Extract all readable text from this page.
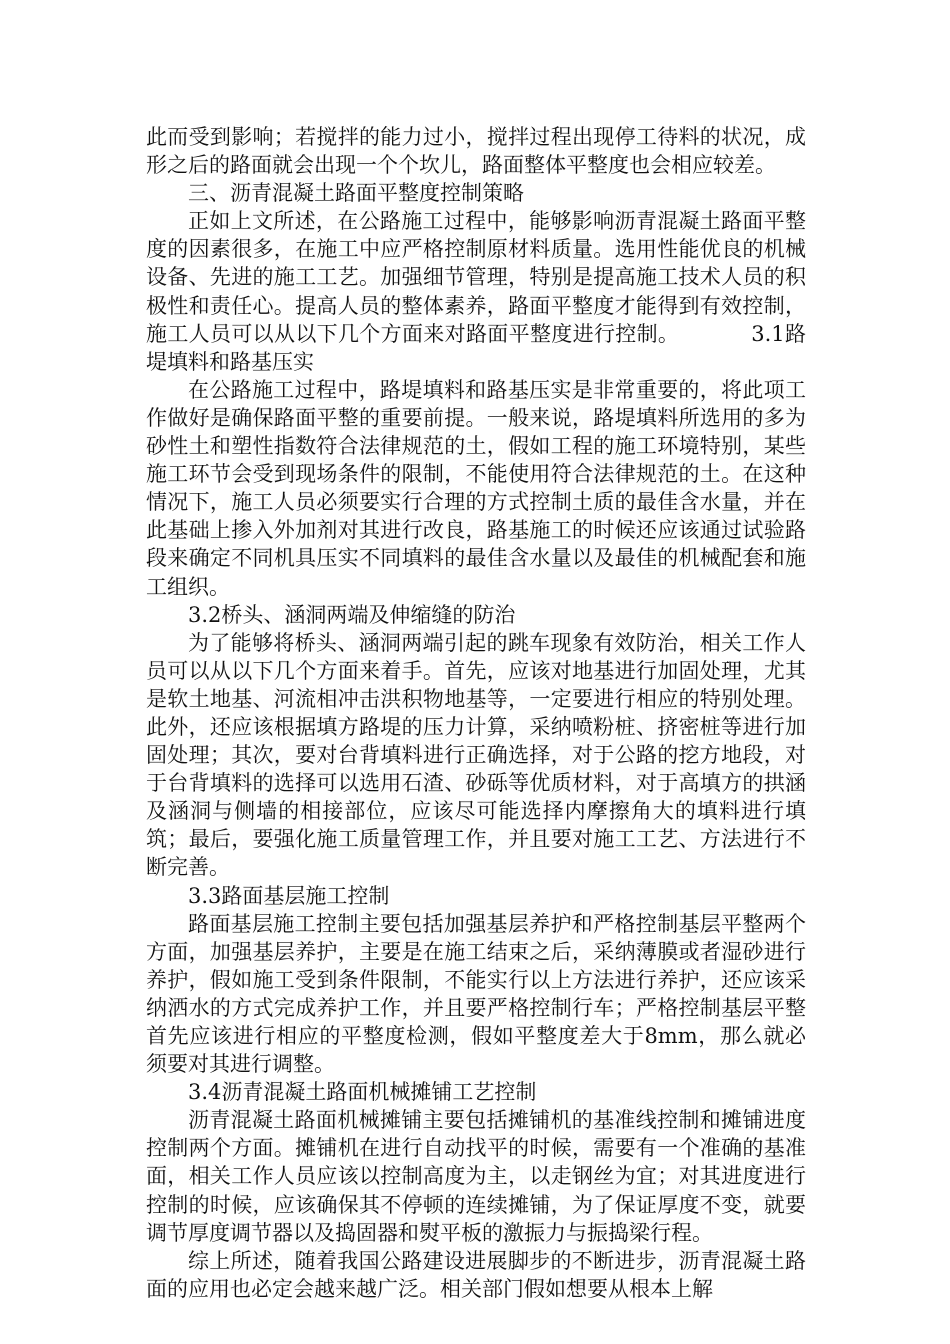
此而受到影响；若搅拌的能力过小，搅拌过程出现停工待料的状况，成形之后的路面就会出现一个个坎儿，路面整体平整度也会相应较差。

三、沥青混凝土路面平整度控制策略

正如上文所述，在公路施工过程中，能够影响沥青混凝土路面平整度的因素很多，在施工中应严格控制原材料质量。选用性能优良的机械设备、先进的施工工艺。加强细节管理，特别是提高施工技术人员的积极性和责任心。提高人员的整体素养，路面平整度才能得到有效控制，施工人员可以从以下几个方面来对路面平整度进行控制。	3.1路堤填料和路基压实

在公路施工过程中，路堤填料和路基压实是非常重要的，将此项工作做好是确保路面平整的重要前提。一般来说，路堤填料所选用的多为砂性土和塑性指数符合法律规范的土，假如工程的施工环境特别，某些施工环节会受到现场条件的限制，不能使用符合法律规范的土。在这种情况下，施工人员必须要实行合理的方式控制土质的最佳含水量，并在此基础上掺入外加剂对其进行改良，路基施工的时候还应该通过试验路段来确定不同机具压实不同填料的最佳含水量以及最佳的机械配套和施工组织。

3.2桥头、涵洞两端及伸缩缝的防治

为了能够将桥头、涵洞两端引起的跳车现象有效防治，相关工作人员可以从以下几个方面来着手。首先，应该对地基进行加固处理，尤其是软土地基、河流相冲击洪积物地基等，一定要进行相应的特别处理。此外，还应该根据填方路堤的压力计算，采纳喷粉桩、挤密桩等进行加固处理；其次，要对台背填料进行正确选择，对于公路的挖方地段，对于台背填料的选择可以选用石渣、砂砾等优质材料，对于高填方的拱涵及涵洞与侧墙的相接部位，应该尽可能选择内摩擦角大的填料进行填筑；最后，要强化施工质量管理工作，并且要对施工工艺、方法进行不断完善。

3.3路面基层施工控制

路面基层施工控制主要包括加强基层养护和严格控制基层平整两个方面，加强基层养护，主要是在施工结束之后，采纳薄膜或者湿砂进行养护，假如施工受到条件限制，不能实行以上方法进行养护，还应该采纳洒水的方式完成养护工作，并且要严格控制行车；严格控制基层平整首先应该进行相应的平整度检测，假如平整度差大于8mm，那么就必须要对其进行调整。

3.4沥青混凝土路面机械摊铺工艺控制

沥青混凝土路面机械摊铺主要包括摊铺机的基准线控制和摊铺进度控制两个方面。摊铺机在进行自动找平的时候，需要有一个准确的基准面，相关工作人员应该以控制高度为主，以走钢丝为宜；对其进度进行控制的时候，应该确保其不停顿的连续摊铺，为了保证厚度不变，就要调节厚度调节器以及捣固器和熨平板的激振力与振捣梁行程。

综上所述，随着我国公路建设进展脚步的不断进步，沥青混凝土路面的应用也必定会越来越广泛。相关部门假如想要从根本上解
